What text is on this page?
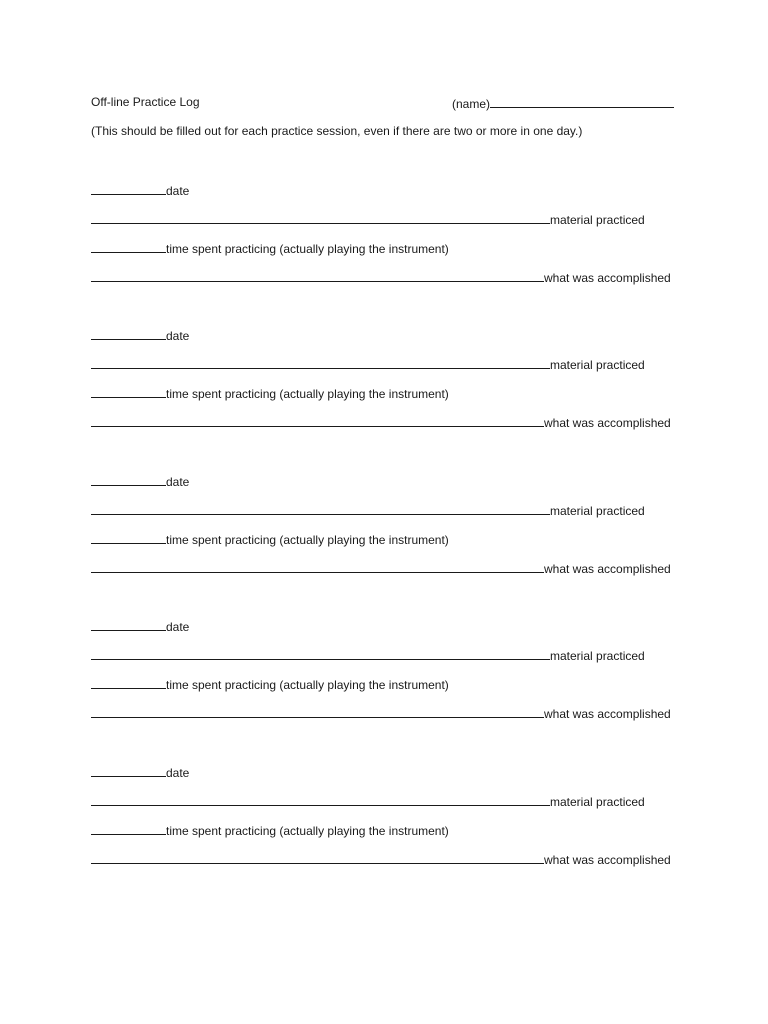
Off-line Practice Log	(name)
(This should be filled out for each practice session, even if there are two or more in one day.)
date
material practiced
time spent practicing (actually playing the instrument)
what was accomplished
date
material practiced
time spent practicing (actually playing the instrument)
what was accomplished
date
material practiced
time spent practicing (actually playing the instrument)
what was accomplished
date
material practiced
time spent practicing (actually playing the instrument)
what was accomplished
date
material practiced
time spent practicing (actually playing the instrument)
what was accomplished
